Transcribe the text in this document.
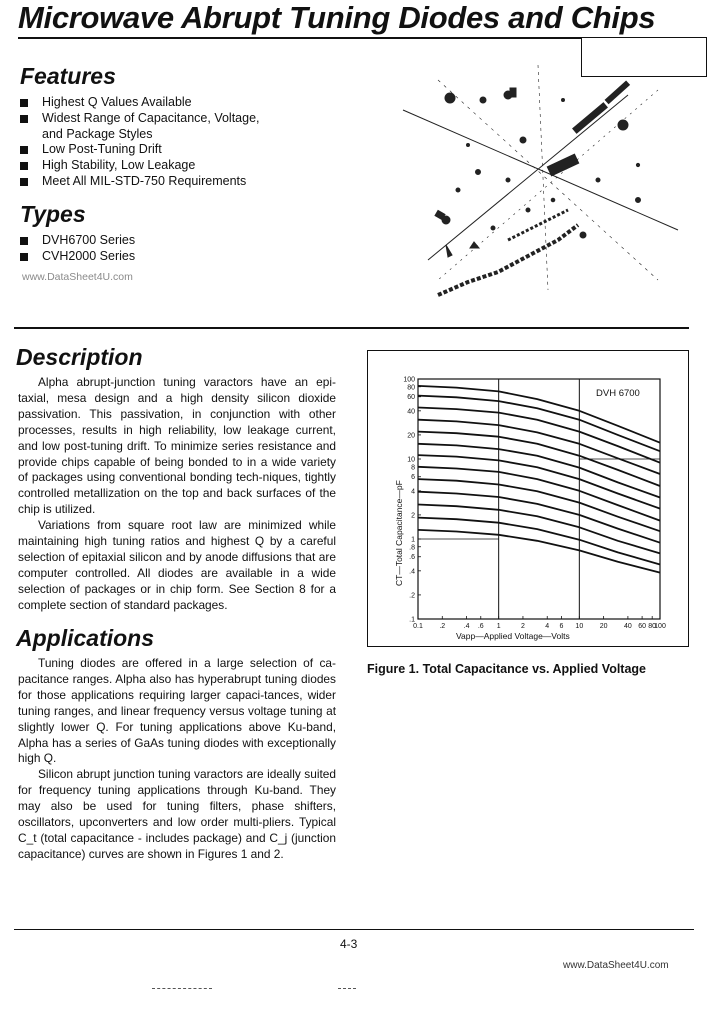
Microwave Abrupt Tuning Diodes and Chips
Features
Highest Q Values Available
Widest Range of Capacitance, Voltage,
and Package Styles
Low Post-Tuning Drift
High Stability, Low Leakage
Meet All MIL-STD-750 Requirements
Types
DVH6700 Series
CVH2000 Series
www.DataSheet4U.com
Description

Alpha abrupt-junction tuning varactors have an epi-taxial, mesa design and a high density silicon dioxide passivation. This passivation, in conjunction with other processes, results in high reliability, low leakage current, and low post-tuning drift. To minimize series resistance and provide chips capable of being bonded to in a wide variety of packages using conventional bonding tech-niques, tightly controlled metallization on the top and back surfaces of the chip is utilized.

Variations from square root law are minimized while maintaining high tuning ratios and highest Q by a careful selection of epitaxial silicon and by anode diffusions that are computer controlled. All diodes are available in a wide selection of packages or in chip form. See Section 8 for a complete section of standard packages.

Applications

Tuning diodes are offered in a large selection of ca-pacitance ranges. Alpha also has hyperabrupt tuning diodes for those applications requiring larger capaci-tances, wider tuning ranges, and linear frequency versus voltage tuning at slightly lower Q. For tuning applications above Ku-band, Alpha has a series of GaAs tuning diodes with exceptionally high Q.

Silicon abrupt junction tuning varactors are ideally suited for frequency tuning applications through Ku-band. They may also be used for tuning filters, phase shifters, oscillators, upconverters and low order multi-pliers. Typical C_t (total capacitance - includes package) and C_j (junction capacitance) curves are shown in Figures 1 and 2.

100
80
60
40
20
10
8
6
4
2
1
.8
.6
.4
.2
.1
0.1 .2	.4 .6 1	2	4 6 10 20 40 60 80
100
DVH 6700
Vapp—Applied Voltage—Volts
CT—Total Capacitance—pF
Figure 1. Total Capacitance vs. Applied Voltage
4-3
www.DataSheet4U.com
